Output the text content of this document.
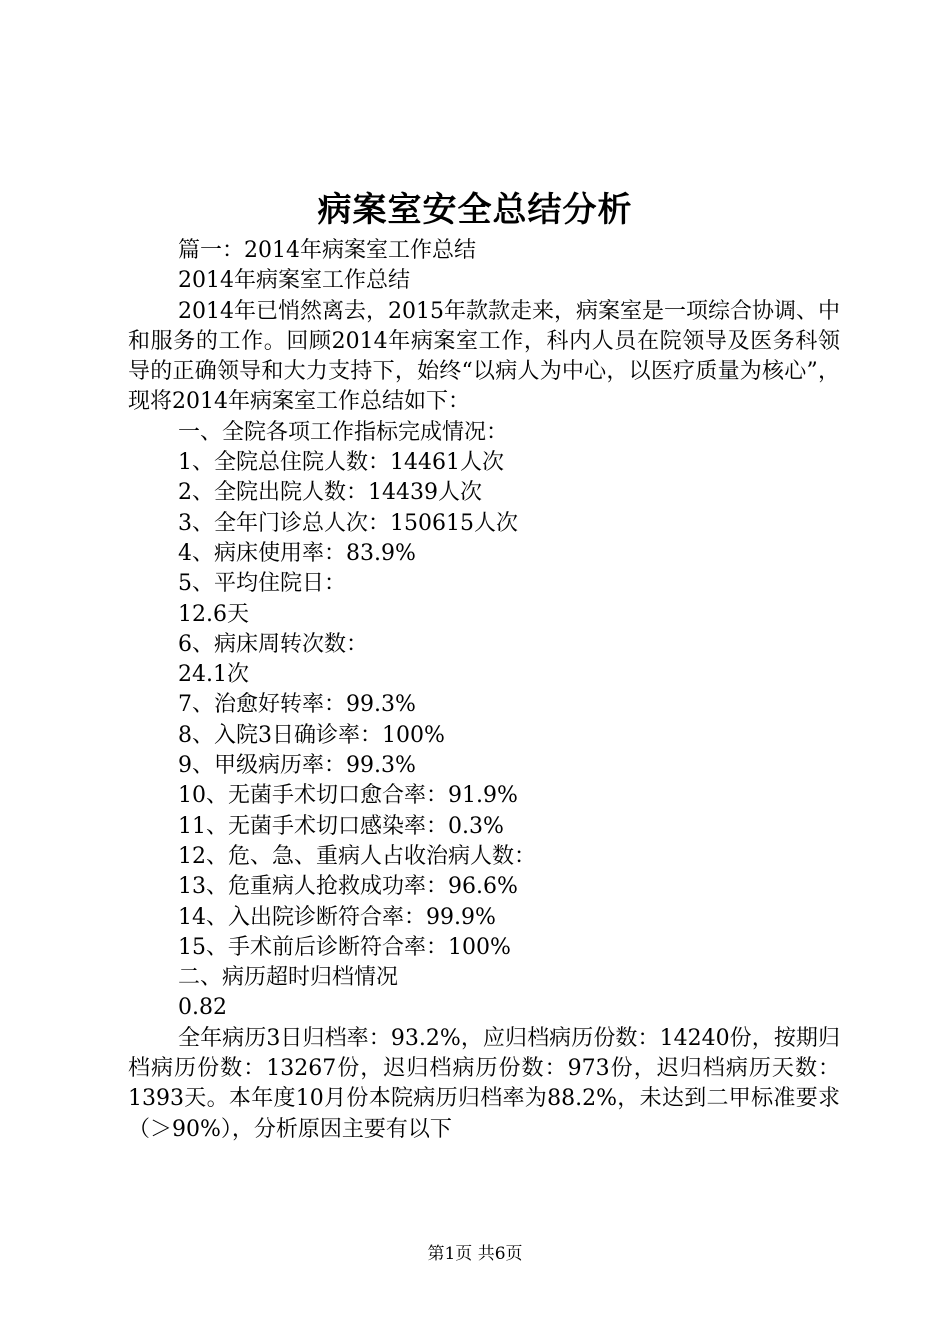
病案室安全总结分析

篇一：2014年病案室工作总结

2014年病案室工作总结

2014年已悄然离去，2015年款款走来，病案室是一项综合协调、中和服务的工作。回顾2014年病案室工作，科内人员在院领导及医务科领导的正确领导和大力支持下，始终“以病人为中心，以医疗质量为核心”，现将2014年病案室工作总结如下：

一、全院各项工作指标完成情况：

1、全院总住院人数：14461人次

2、全院出院人数：14439人次

3、全年门诊总人次：150615人次

4、病床使用率：83.9%

5、平均住院日：

12.6天

6、病床周转次数：

24.1次

7、治愈好转率：99.3%

8、入院3日确诊率：100%

9、甲级病历率：99.3%

10、无菌手术切口愈合率：91.9%

11、无菌手术切口感染率：0.3%

12、危、急、重病人占收治病人数：

13、危重病人抢救成功率：96.6%

14、入出院诊断符合率：99.9%

15、手术前后诊断符合率：100%

二、病历超时归档情况

0.82

全年病历3日归档率：93.2%，应归档病历份数：14240份，按期归档病历份数：13267份，迟归档病历份数：973份，迟归档病历天数：1393天。本年度10月份本院病历归档率为88.2%，未达到二甲标准要求（＞90%），分析原因主要有以下

第1页 共6页
